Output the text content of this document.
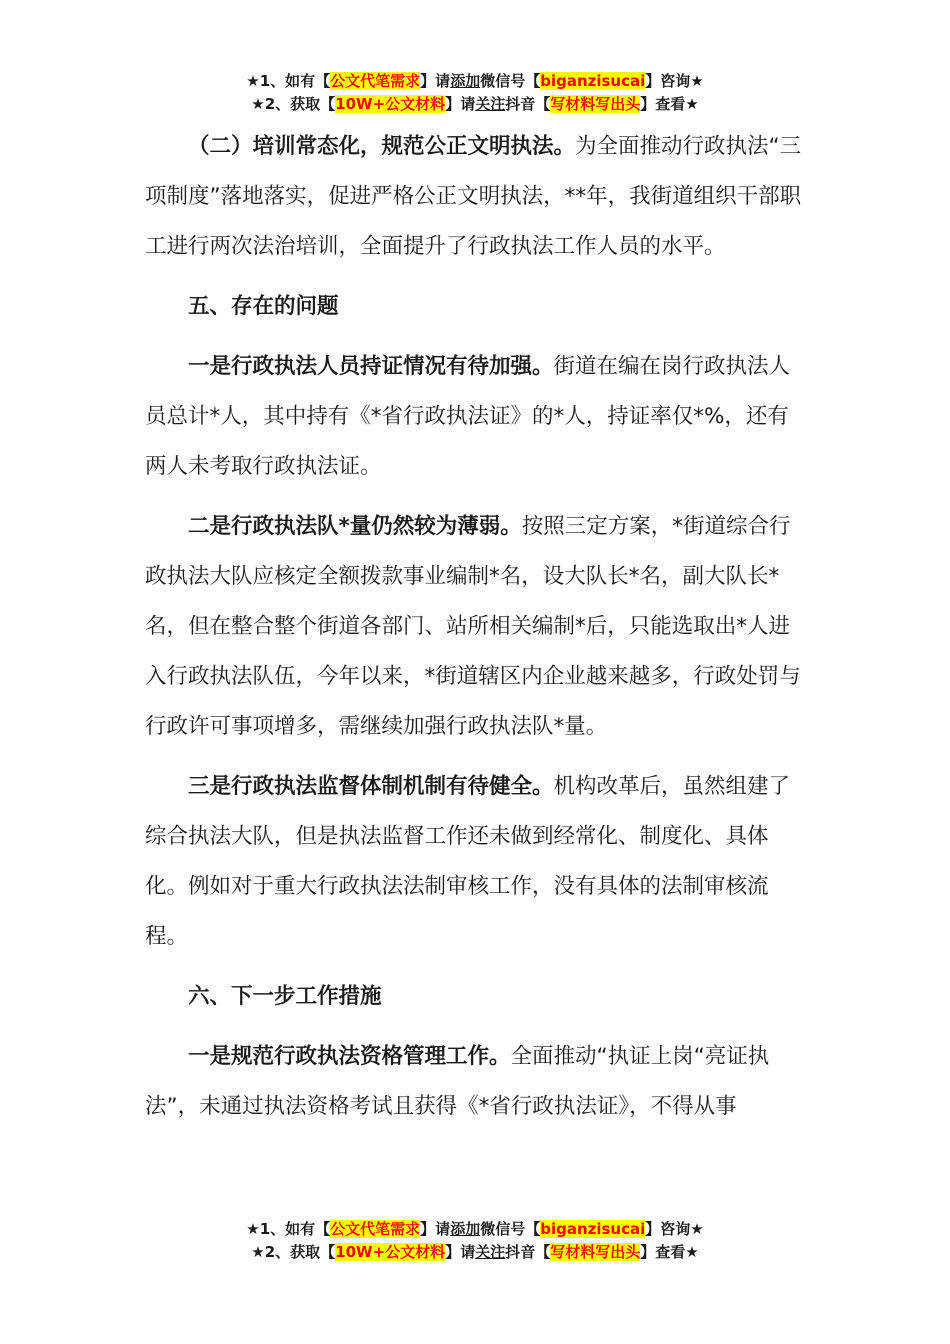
★1、如有【公文代笔需求】请添加微信号【biganzisucai】咨询★
★2、获取【10W+公文材料】请关注抖音【写材料写出头】查看★

（二）培训常态化，规范公正文明执法。为全面推动行政执法“三项制度”落地落实，促进严格公正文明执法，**年，我街道组织干部职工进行两次法治培训，全面提升了行政执法工作人员的水平。

五、存在的问题

一是行政执法人员持证情况有待加强。街道在编在岗行政执法人员总计*人，其中持有《*省行政执法证》的*人，持证率仅*%，还有两人未考取行政执法证。

二是行政执法队*量仍然较为薄弱。按照三定方案，*街道综合行政执法大队应核定全额拨款事业编制*名，设大队长*名，副大队长*名，但在整合整个街道各部门、站所相关编制*后，只能选取出*人进入行政执法队伍，今年以来，*街道辖区内企业越来越多，行政处罚与行政许可事项增多，需继续加强行政执法队*量。

三是行政执法监督体制机制有待健全。机构改革后，虽然组建了综合执法大队，但是执法监督工作还未做到经常化、制度化、具体化。例如对于重大行政执法法制审核工作，没有具体的法制审核流程。

六、下一步工作措施

一是规范行政执法资格管理工作。全面推动“执证上岗“亮证执法”，未通过执法资格考试且获得《*省行政执法证》，不得从事

★1、如有【公文代笔需求】请添加微信号【biganzisucai】咨询★
★2、获取【10W+公文材料】请关注抖音【写材料写出头】查看★
